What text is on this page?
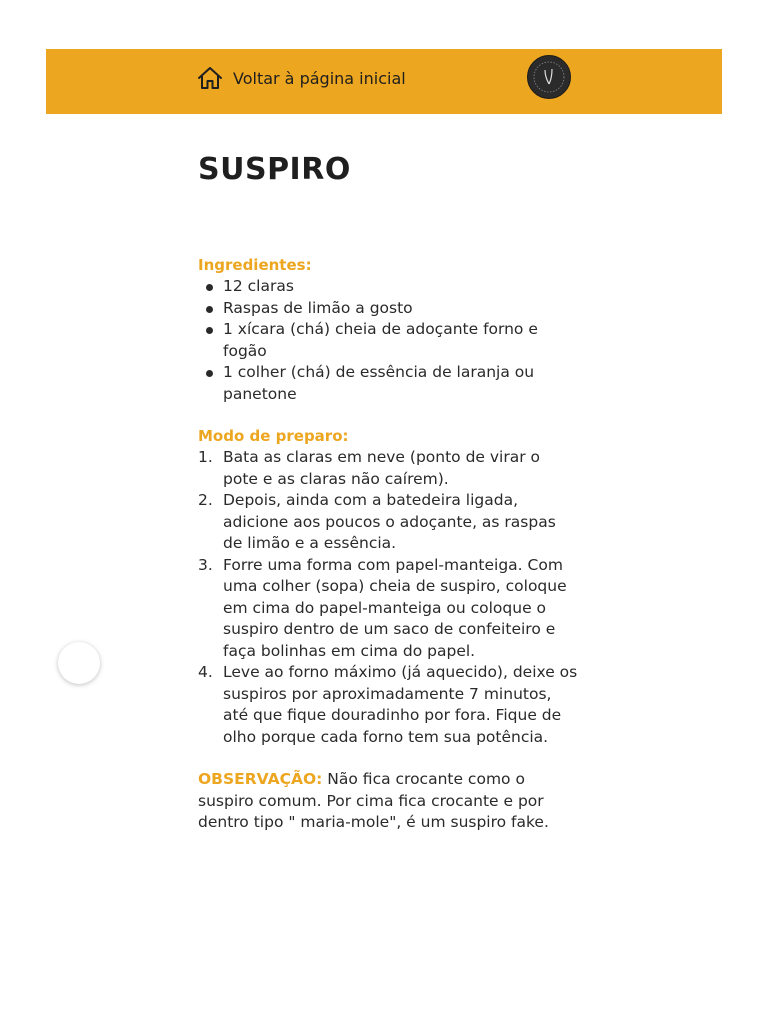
Voltar à página inicial
SUSPIRO

Ingredientes:

12 claras
Raspas de limão a gosto
1 xícara (chá) cheia de adoçante forno e fogão
1 colher (chá) de essência de laranja ou panetone

Modo de preparo:

Bata as claras em neve (ponto de virar o pote e as claras não caírem).
Depois, ainda com a batedeira ligada, adicione aos poucos o adoçante, as raspas de limão e a essência.
Forre uma forma com papel-manteiga. Com uma colher (sopa) cheia de suspiro, coloque em cima do papel-manteiga ou coloque o suspiro dentro de um saco de confeiteiro e faça bolinhas em cima do papel.
Leve ao forno máximo (já aquecido), deixe os suspiros por aproximadamente 7 minutos, até que fique douradinho por fora. Fique de olho porque cada forno tem sua potência.

OBSERVAÇÃO: Não fica crocante como o suspiro comum. Por cima fica crocante e por dentro tipo " maria-mole", é um suspiro fake.
